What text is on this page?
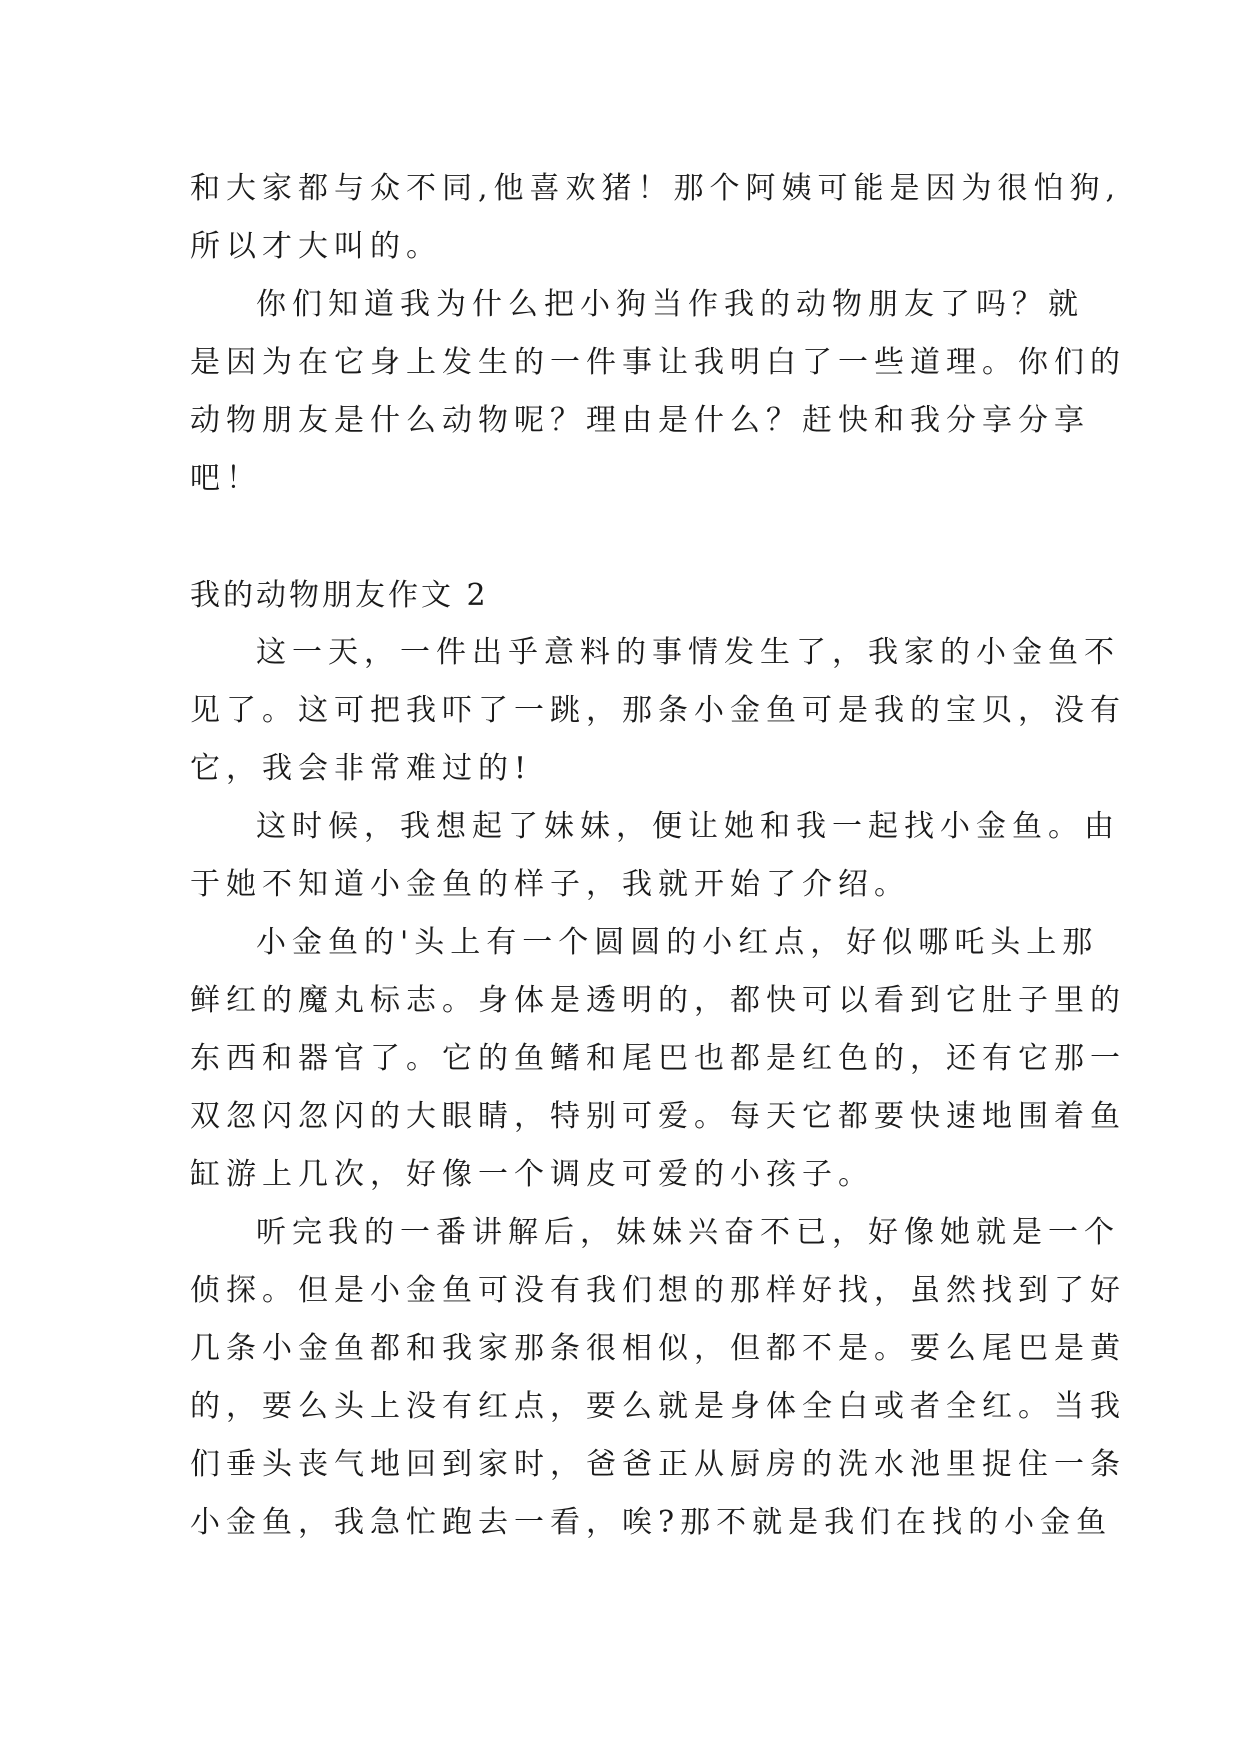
和大家都与众不同,他喜欢猪！那个阿姨可能是因为很怕狗,
所以才大叫的。
你们知道我为什么把小狗当作我的动物朋友了吗？就
是因为在它身上发生的一件事让我明白了一些道理。你们的
动物朋友是什么动物呢？理由是什么？赶快和我分享分享
吧！
我的动物朋友作文 2
这一天，一件出乎意料的事情发生了，我家的小金鱼不
见了。这可把我吓了一跳，那条小金鱼可是我的宝贝，没有
它，我会非常难过的!
这时候，我想起了妹妹，便让她和我一起找小金鱼。由
于她不知道小金鱼的样子，我就开始了介绍。
小金鱼的'头上有一个圆圆的小红点，好似哪吒头上那
鲜红的魔丸标志。身体是透明的，都快可以看到它肚子里的
东西和器官了。它的鱼鳍和尾巴也都是红色的，还有它那一
双忽闪忽闪的大眼睛，特别可爱。每天它都要快速地围着鱼
缸游上几次，好像一个调皮可爱的小孩子。
听完我的一番讲解后，妹妹兴奋不已，好像她就是一个
侦探。但是小金鱼可没有我们想的那样好找，虽然找到了好
几条小金鱼都和我家那条很相似，但都不是。要么尾巴是黄
的，要么头上没有红点，要么就是身体全白或者全红。当我
们垂头丧气地回到家时，爸爸正从厨房的洗水池里捉住一条
小金鱼，我急忙跑去一看，唉?那不就是我们在找的小金鱼
